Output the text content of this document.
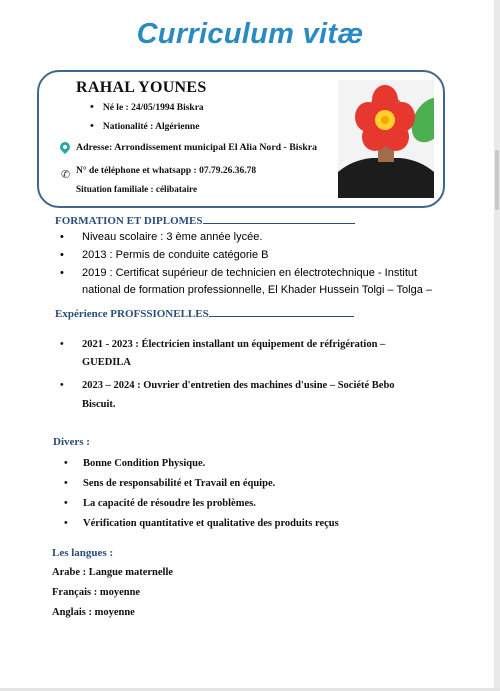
Curriculum vitæ
RAHAL YOUNES
• Né le : 24/05/1994 Biskra
• Nationalité : Algérienne
Adresse: Arrondissement municipal El Alia Nord - Biskra
✆ N° de téléphone et whatsapp : 07.79.26.36.78
Situation familiale : célibataire
FORMATION ET DIPLOMES
• Niveau scolaire : 3 ème année lycée.
• 2013 : Permis de conduite catégorie B
• 2019 : Certificat supérieur de technicien en électrotechnique - Institut
national de formation professionnelle, El Khader Hussein Tolgi – Tolga –
Expérience PROFSSIONELLES
• 2021 - 2023 : Électricien installant un équipement de réfrigération –
GUEDILA
• 2023 – 2024 : Ouvrier d'entretien des machines d'usine – Société Bebo
Biscuit.
Divers :
• Bonne Condition Physique.
• Sens de responsabilité et Travail en équipe.
• La capacité de résoudre les problèmes.
• Vérification quantitative et qualitative des produits reçus
Les langues :
Arabe : Langue maternelle
Français : moyenne
Anglais : moyenne
